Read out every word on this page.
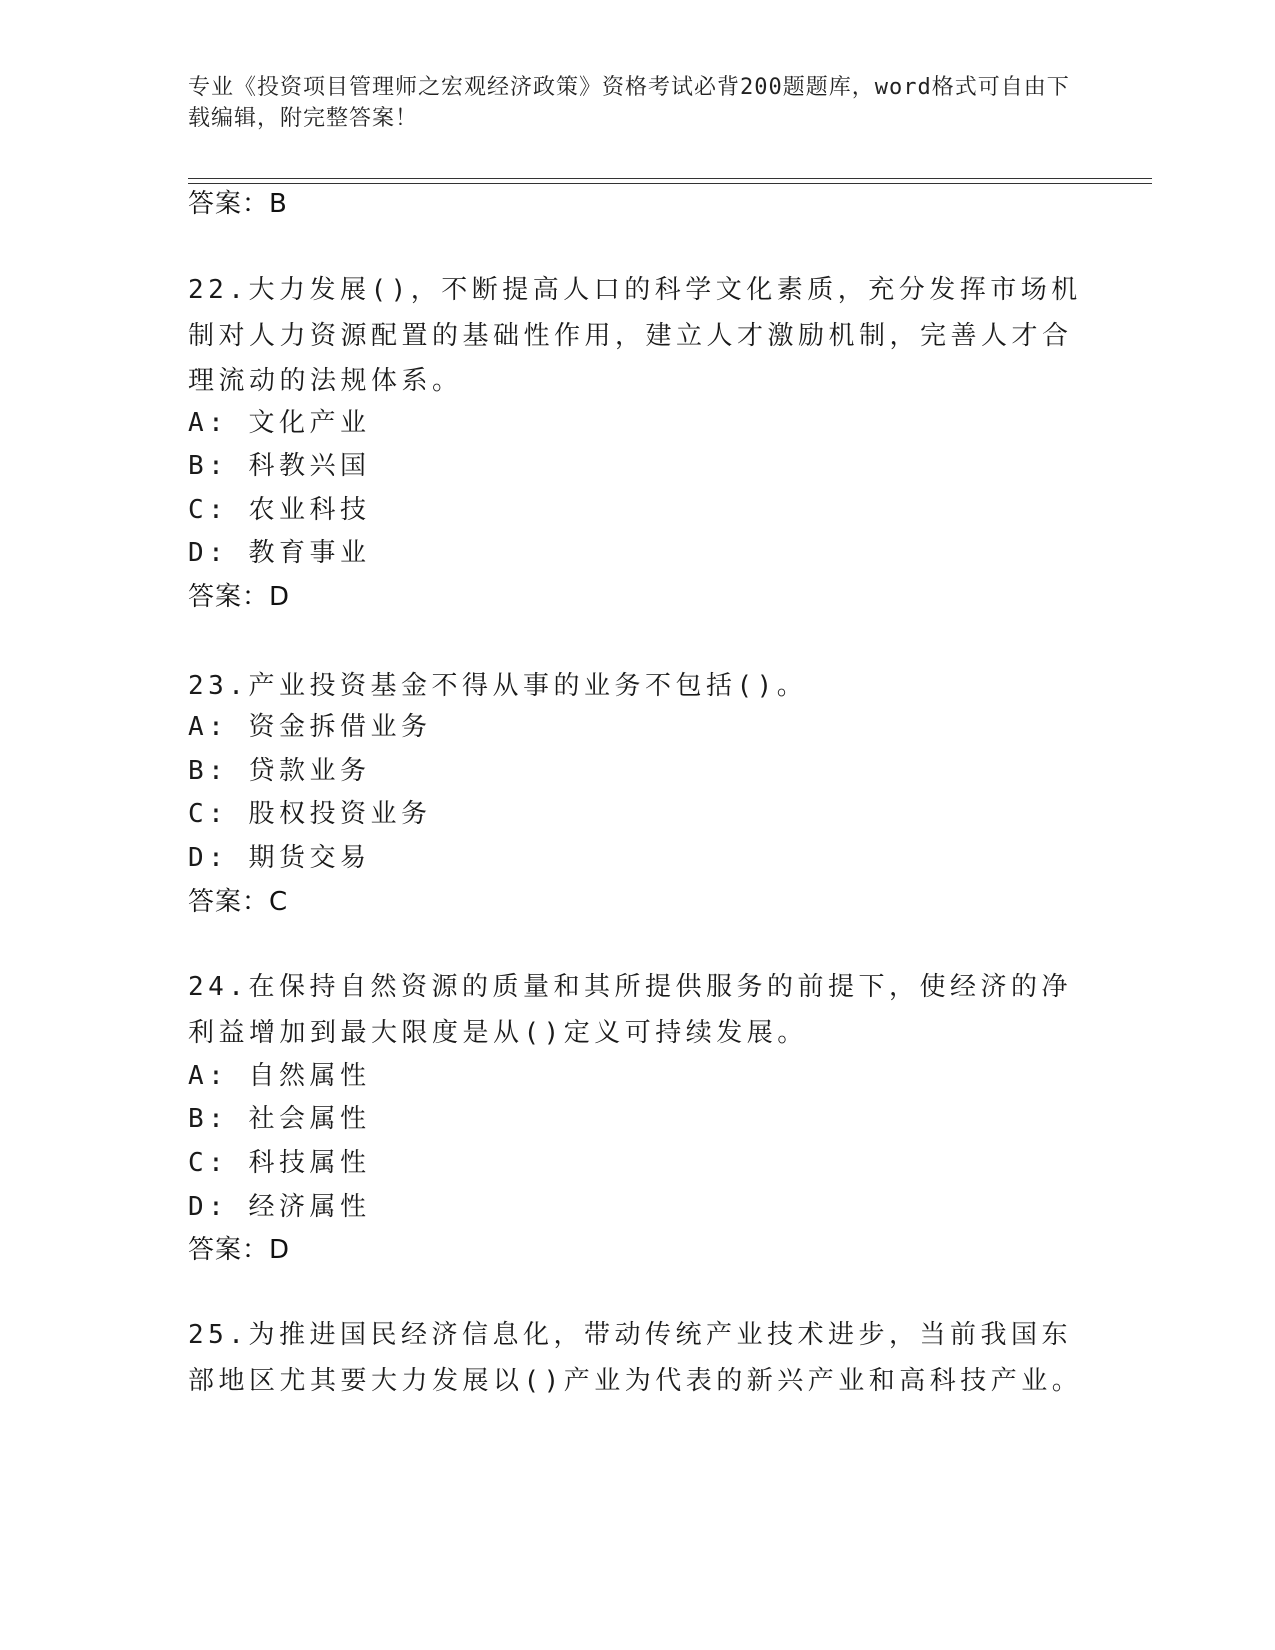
专业《投资项目管理师之宏观经济政策》资格考试必背200题题库，word格式可自由下载编辑，附完整答案！
答案：B
22.大力发展()，不断提高人口的科学文化素质，充分发挥市场机制对人力资源配置的基础性作用，建立人才激励机制，完善人才合理流动的法规体系。
A: 文化产业
B: 科教兴国
C: 农业科技
D: 教育事业
答案：D
23.产业投资基金不得从事的业务不包括()。
A: 资金拆借业务
B: 贷款业务
C: 股权投资业务
D: 期货交易
答案：C
24.在保持自然资源的质量和其所提供服务的前提下，使经济的净利益增加到最大限度是从()定义可持续发展。
A: 自然属性
B: 社会属性
C: 科技属性
D: 经济属性
答案：D
25.为推进国民经济信息化，带动传统产业技术进步，当前我国东部地区尤其要大力发展以()产业为代表的新兴产业和高科技产业。
